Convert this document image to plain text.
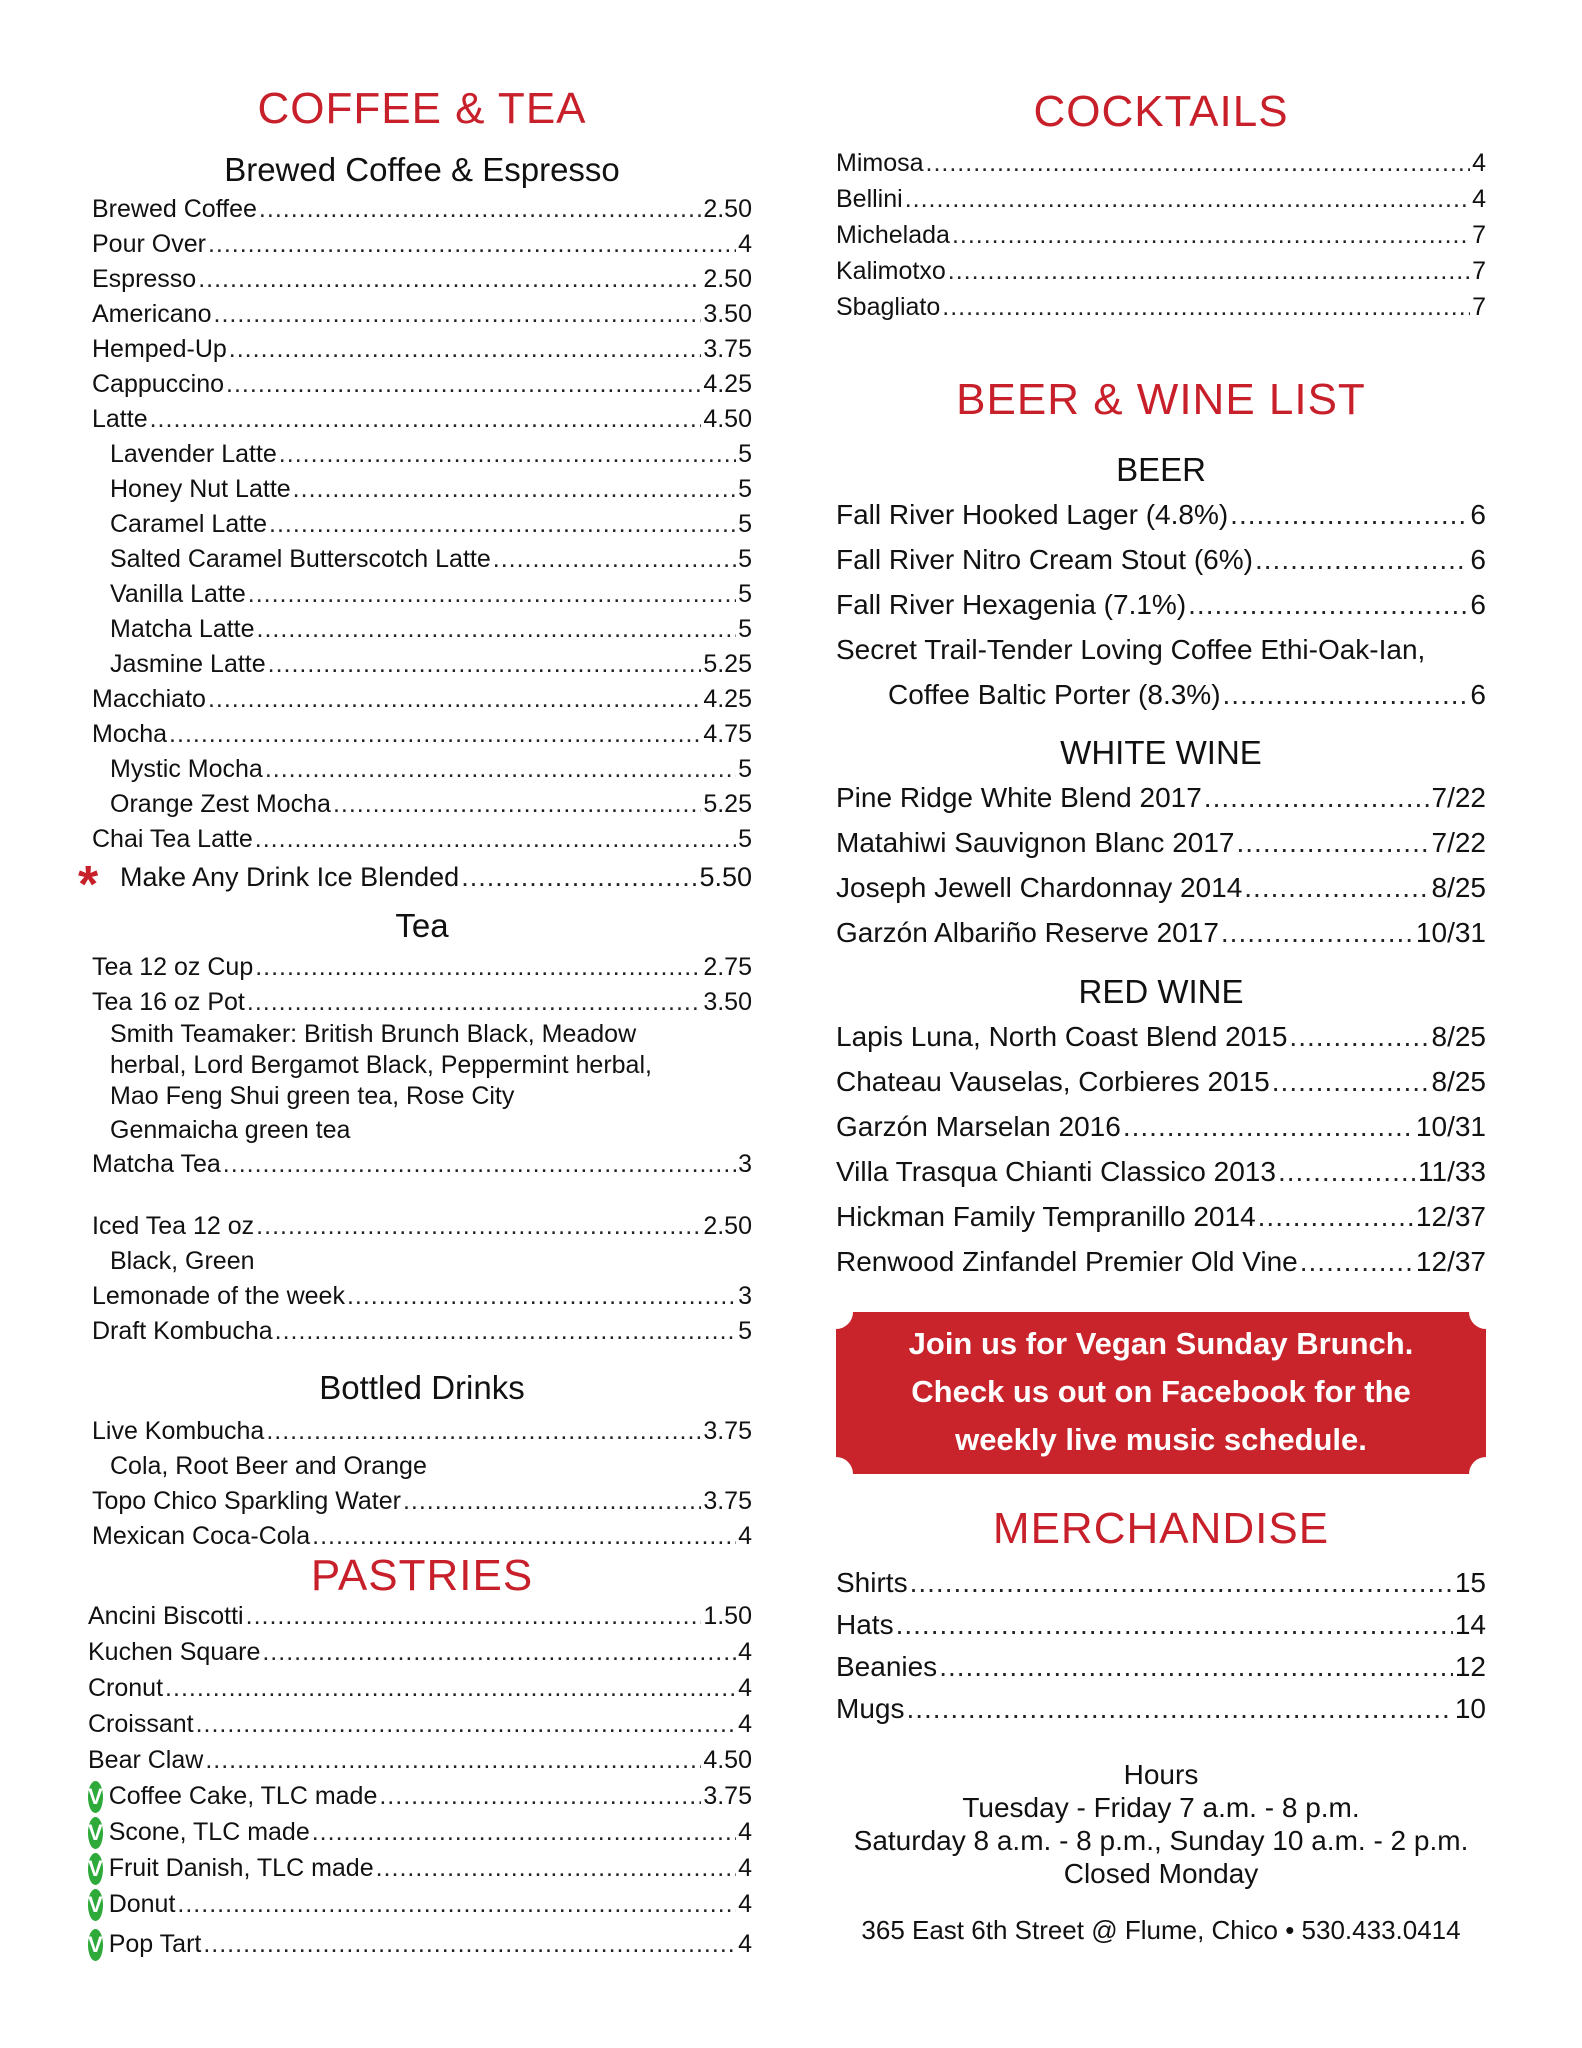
COFFEE & TEA
Brewed Coffee & Espresso
Brewed Coffee .....	2.50
Pour Over .....	4
Espresso .....	2.50
Americano .....	3.50
Hemped-Up .....	3.75
Cappuccino .....	4.25
Latte .....	4.50
Lavender Latte .....	5
Honey Nut Latte .....	5
Caramel Latte .....	5
Salted Caramel Butterscotch Latte .....	5
Vanilla Latte .....	5
Matcha Latte .....	5
Jasmine Latte .....	5.25
Macchiato .....	4.25
Mocha .....	4.75
Mystic Mocha .....	5
Orange Zest Mocha .....	5.25
Chai Tea Latte .....	5
* Make Any Drink Ice Blended .....	5.50
Tea
Tea 12 oz Cup .....	2.75
Tea 16 oz Pot .....	3.50
Smith Teamaker: British Brunch Black, Meadow
herbal, Lord Bergamot Black, Peppermint herbal,
Mao Feng Shui green tea, Rose City
Genmaicha green tea
Matcha Tea .....	3
Iced Tea 12 oz .....	2.50
Black, Green
Lemonade of the week .....	3
Draft Kombucha .....	5
Bottled Drinks
Live Kombucha .....	3.75
Cola, Root Beer and Orange
Topo Chico Sparkling Water .....	3.75
Mexican Coca-Cola .....	4
PASTRIES
Ancini Biscotti .....	1.50
Kuchen Square .....	4
Cronut .....	4
Croissant .....	4
Bear Claw .....	4.50
V Coffee Cake, TLC made .....	3.75
V Scone, TLC made .....	4
V Fruit Danish, TLC made .....	4
V Donut .....	4
V Pop Tart .....	4
COCKTAILS
Mimosa .....	4
Bellini .....	4
Michelada .....	7
Kalimotxo .....	7
Sbagliato .....	7
BEER & WINE LIST
BEER
Fall River Hooked Lager (4.8%) .....	6
Fall River Nitro Cream Stout (6%) .....	6
Fall River Hexagenia (7.1%) .....	6
Secret Trail-Tender Loving Coffee Ethi-Oak-Ian,
Coffee Baltic Porter (8.3%) .....	6
WHITE WINE
Pine Ridge White Blend 2017 .....	7/22
Matahiwi Sauvignon Blanc 2017 .....	7/22
Joseph Jewell Chardonnay 2014 .....	8/25
Garzón Albariño Reserve 2017 .....	10/31
RED WINE
Lapis Luna, North Coast Blend 2015 .....	8/25
Chateau Vauselas, Corbieres 2015 .....	8/25
Garzón Marselan 2016 .....	10/31
Villa Trasqua Chianti Classico 2013 .....	11/33
Hickman Family Tempranillo 2014 .....	12/37
Renwood Zinfandel Premier Old Vine .....	12/37
Join us for Vegan Sunday Brunch.
Check us out on Facebook for the
weekly live music schedule.
MERCHANDISE
Shirts .....	15
Hats .....	14
Beanies .....	12
Mugs .....	10
Hours
Tuesday - Friday 7 a.m. - 8 p.m.
Saturday 8 a.m. - 8 p.m., Sunday 10 a.m. - 2 p.m.
Closed Monday
365 East 6th Street @ Flume, Chico • 530.433.0414
